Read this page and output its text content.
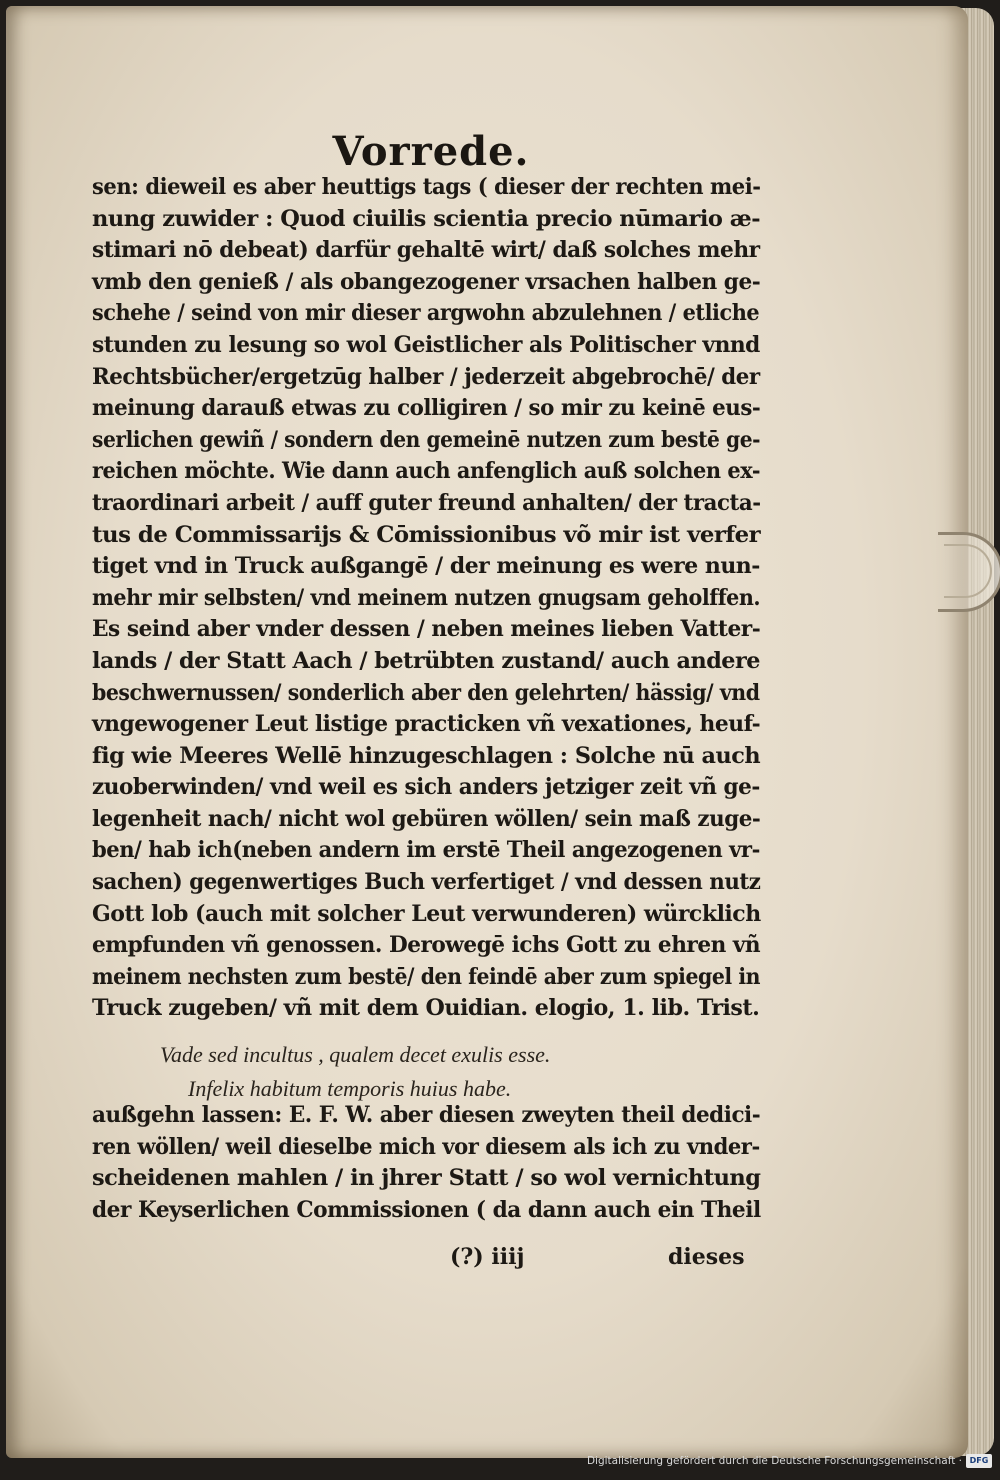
Vorrede.
sen: dieweil es aber heuttigs tags ( dieser der rechten mei-
nung zuwider : Quod ciuilis scientia precio nūmario æ-
stimari nō debeat) darfür gehaltē wirt/ daß solches mehr
vmb den genieß / als obangezogener vrsachen halben ge-
schehe / seind von mir dieser argwohn abzulehnen / etliche
stunden zu lesung so wol Geistlicher als Politischer vnnd
Rechtsbücher/ergetzūg halber / jederzeit abgebrochē/ der
meinung darauß etwas zu colligiren / so mir zu keinē eus-
serlichen gewiñ / sondern den gemeinē nutzen zum bestē ge-
reichen möchte. Wie dann auch anfenglich auß solchen ex-
traordinari arbeit / auff guter freund anhalten/ der tracta-
tus de Commissarijs & Cōmissionibus võ mir ist verfer
tiget vnd in Truck außgangē / der meinung es were nun-
mehr mir selbsten/ vnd meinem nutzen gnugsam geholffen.
Es seind aber vnder dessen / neben meines lieben Vatter-
lands / der Statt Aach / betrübten zustand/ auch andere
beschwernussen/ sonderlich aber den gelehrten/ hässig/ vnd
vngewogener Leut listige practicken vñ vexationes, heuf-
fig wie Meeres Wellē hinzugeschlagen : Solche nū auch
zuoberwinden/ vnd weil es sich anders jetziger zeit vñ ge-
legenheit nach/ nicht wol gebüren wöllen/ sein maß zuge-
ben/ hab ich(neben andern im erstē Theil angezogenen vr-
sachen) gegenwertiges Buch verfertiget / vnd dessen nutz
Gott lob (auch mit solcher Leut verwunderen) würcklich
empfunden vñ genossen. Derowegē ichs Gott zu ehren vñ
meinem nechsten zum bestē/ den feindē aber zum spiegel in
Truck zugeben/ vñ mit dem Ouidian. elogio, 1. lib. Trist.
Vade sed incultus , qualem decet exulis esse.
Infelix habitum temporis huius habe.
außgehn lassen: E. F. W. aber diesen zweyten theil dedici-
ren wöllen/ weil dieselbe mich vor diesem als ich zu vnder-
scheidenen mahlen / in jhrer Statt / so wol vernichtung
der Keyserlichen Commissionen ( da dann auch ein Theil
(?) iiij	dieses
Digitalisierung gefördert durch die Deutsche Forschungsgemeinschaft · DFG
